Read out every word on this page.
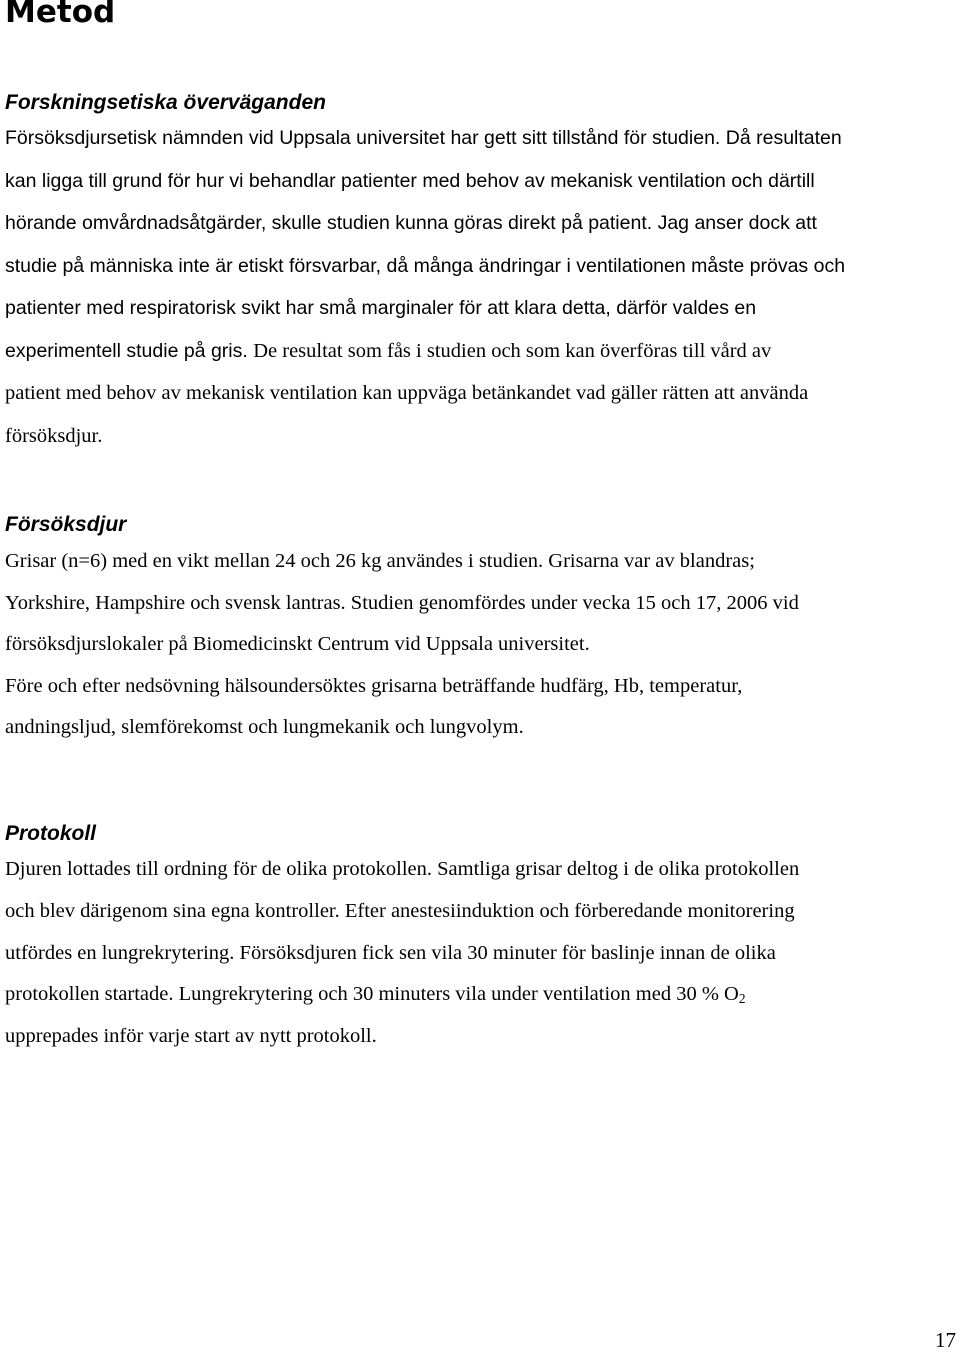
Metod
Forskningsetiska överväganden
Försöksdjursetisk nämnden vid Uppsala universitet har gett sitt tillstånd för studien. Då resultaten
kan ligga till grund för hur vi behandlar patienter med behov av mekanisk ventilation och därtill
hörande omvårdnadsåtgärder, skulle studien kunna göras direkt på patient. Jag anser dock att
studie på människa inte är etiskt försvarbar, då många ändringar i ventilationen måste prövas och
patienter med respiratorisk svikt har små marginaler för att klara detta, därför valdes en
experimentell studie på gris. De resultat som fås i studien och som kan överföras till vård av
patient med behov av mekanisk ventilation kan uppväga betänkandet vad gäller rätten att använda
försöksdjur.
Försöksdjur
Grisar (n=6) med en vikt mellan 24 och 26 kg användes i studien. Grisarna var av blandras;
Yorkshire, Hampshire och svensk lantras. Studien genomfördes under vecka 15 och 17, 2006 vid
försöksdjurslokaler på Biomedicinskt Centrum vid Uppsala universitet.
Före och efter nedsövning hälsoundersöktes grisarna beträffande hudfärg, Hb, temperatur,
andningsljud, slemförekomst och lungmekanik och lungvolym.
Protokoll
Djuren lottades till ordning för de olika protokollen. Samtliga grisar deltog i de olika protokollen
och blev därigenom sina egna kontroller. Efter anestesiinduktion och förberedande monitorering
utfördes en lungrekrytering. Försöksdjuren fick sen vila 30 minuter för baslinje innan de olika
protokollen startade. Lungrekrytering och 30 minuters vila under ventilation med 30 % $O_2$
upprepades inför varje start av nytt protokoll.
17
